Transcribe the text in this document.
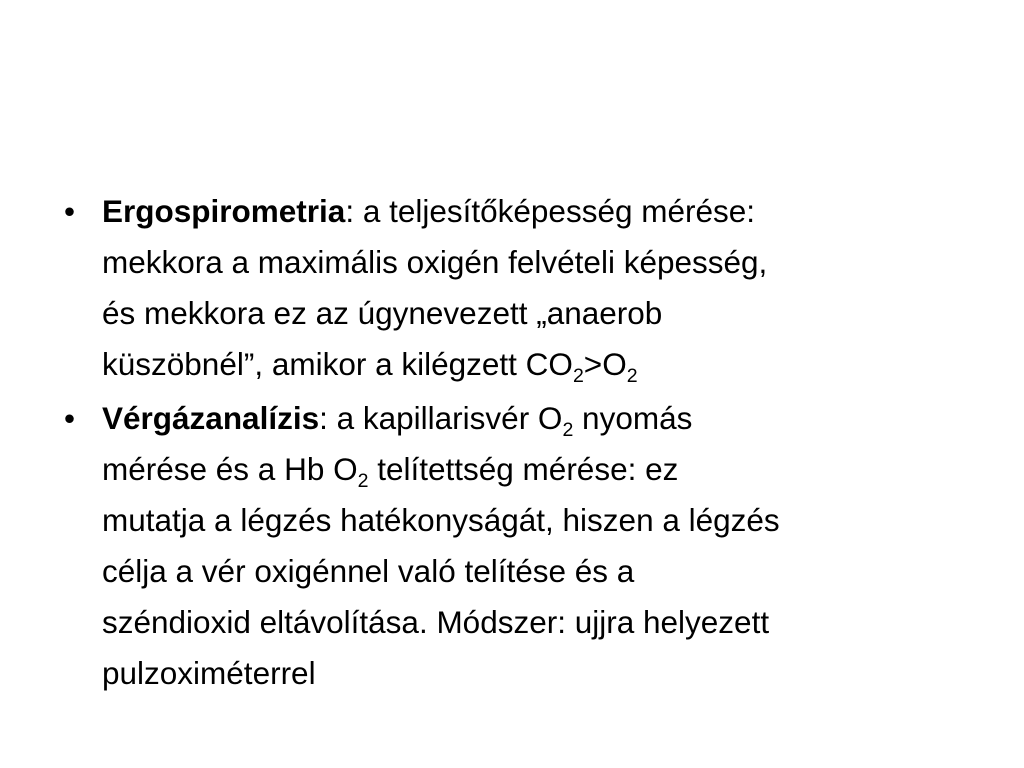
• Ergospirometria: a teljesítőképesség mérése:
mekkora a maximális oxigén felvételi képesség,
és mekkora ez az úgynevezett „anaerob
küszöbnél”, amikor a kilégzett $CO_2>O_2$
• Vérgázanalízis: a kapillarisvér $O_2$ nyomás
mérése és a Hb $O_2$ telítettség mérése: ez
mutatja a légzés hatékonyságát, hiszen a légzés
célja a vér oxigénnel való telítése és a
széndioxid eltávolítása. Módszer: ujjra helyezett
pulzoximéterrel
